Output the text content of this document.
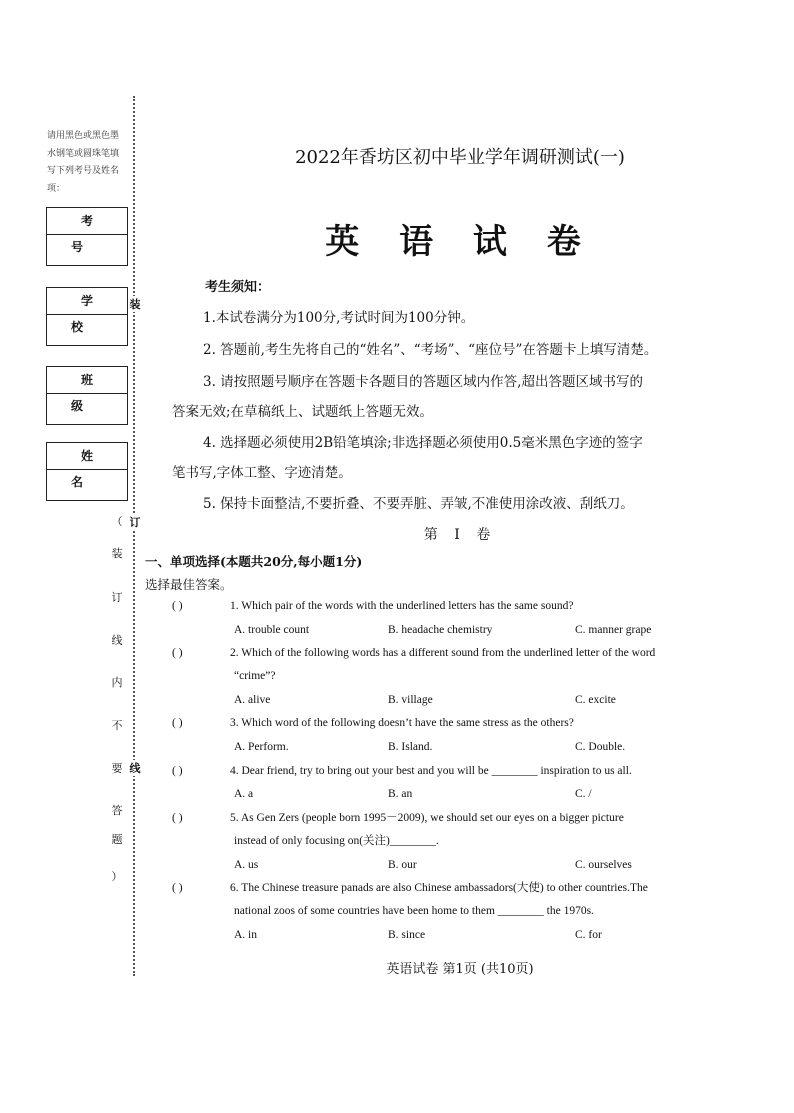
请用黑色或黑色墨水钢笔或圆珠笔填写下列考号及姓名项：
考 号
学 校
班 级
姓 名
装
订
线
（
装
订
线
内
不
要
答
题
）
2022年香坊区初中毕业学年调研测试(一)
英 语 试 卷
考生须知：
1.本试卷满分为100分,考试时间为100分钟。
2. 答题前,考生先将自己的“姓名”、“考场”、“座位号”在答题卡上填写清楚。
3. 请按照题号顺序在答题卡各题目的答题区域内作答,超出答题区域书写的
答案无效;在草稿纸上、试题纸上答题无效。
4. 选择题必须使用2B铅笔填涂;非选择题必须使用0.5毫米黑色字迹的签字
笔书写,字体工整、字迹清楚。
5. 保持卡面整洁,不要折叠、不要弄脏、弄皱,不准使用涂改液、刮纸刀。
第 Ⅰ 卷
一、单项选择(本题共20分,每小题1分)
选择最佳答案。
( )	1. Which pair of the words with the underlined letters has the same sound?
A. trouble count	B. headache chemistry	C. manner grape
( )	2. Which of the following words has a different sound from the underlined letter of the word
“crime”?
A. alive	B. village	C. excite
( )	3. Which word of the following doesn’t have the same stress as the others?
A. Perform.	B. Island.	C. Double.
( )	4. Dear friend, try to bring out your best and you will be ________ inspiration to us all.
A. a	B. an	C. /
( )	5. As Gen Zers (people born 1995－2009), we should set our eyes on a bigger picture
instead of only focusing on(关注)________.
A. us	B. our	C. ourselves
( )	6. The Chinese treasure panads are also Chinese ambassadors(大使) to other countries.The
national zoos of some countries have been home to them ________ the 1970s.
A. in	B. since	C. for
英语试卷 第1页 (共10页)
